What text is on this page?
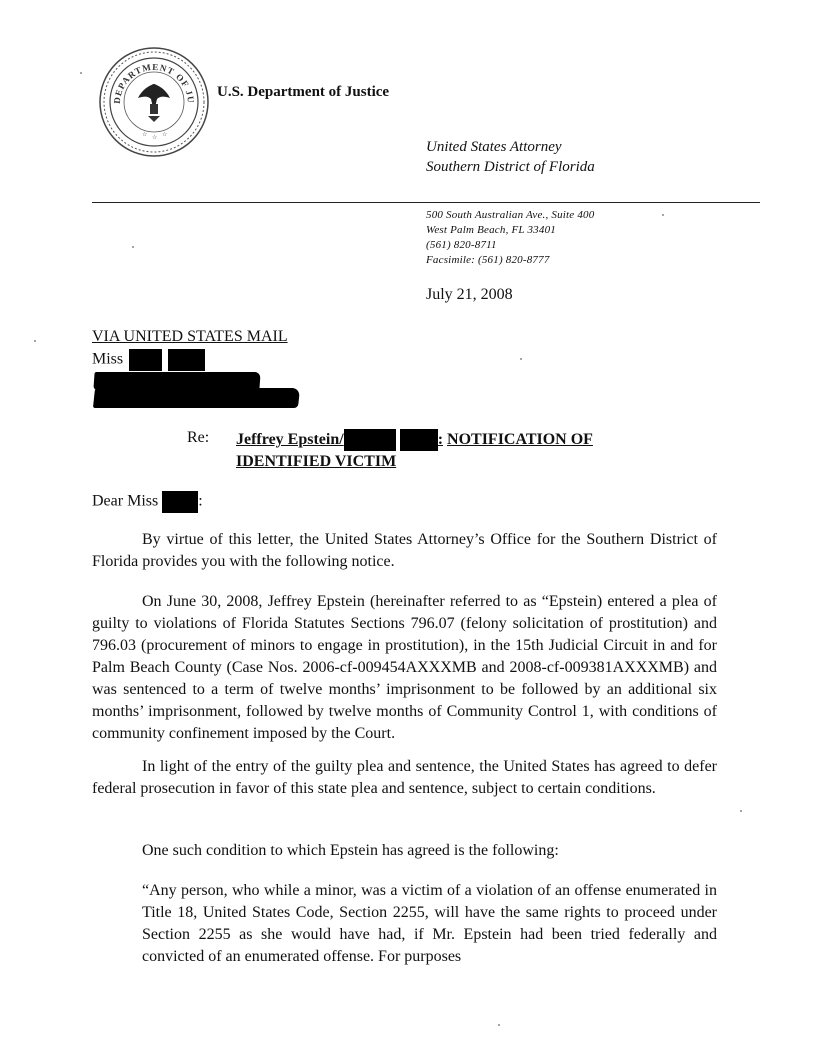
DEPARTMENT OF JU
☆ ☆ ☆
U.S. Department of Justice
United States Attorney
Southern District of Florida
500 South Australian Ave., Suite 400
West Palm Beach, FL 33401
(561) 820-8711
Facsimile: (561) 820-8777
July 21, 2008
VIA UNITED STATES MAIL
Miss
Re: Jeffrey Epstein/	: NOTIFICATION OF
IDENTIFIED VICTIM
Dear Miss	:

By virtue of this letter, the United States Attorney’s Office for the Southern District of Florida provides you with the following notice.

On June 30, 2008, Jeffrey Epstein (hereinafter referred to as “Epstein) entered a plea of guilty to violations of Florida Statutes Sections 796.07 (felony solicitation of prostitution) and 796.03 (procurement of minors to engage in prostitution), in the 15th Judicial Circuit in and for Palm Beach County (Case Nos. 2006-cf-009454AXXXMB and 2008-cf-009381AXXXMB) and was sentenced to a term of twelve months’ imprisonment to be followed by an additional six months’ imprisonment, followed by twelve months of Community Control 1, with conditions of community confinement imposed by the Court.

In light of the entry of the guilty plea and sentence, the United States has agreed to defer federal prosecution in favor of this state plea and sentence, subject to certain conditions.

One such condition to which Epstein has agreed is the following:

“Any person, who while a minor, was a victim of a violation of an offense enumerated in Title 18, United States Code, Section 2255, will have the same rights to proceed under Section 2255 as she would have had, if Mr. Epstein had been tried federally and convicted of an enumerated offense. For purposes
